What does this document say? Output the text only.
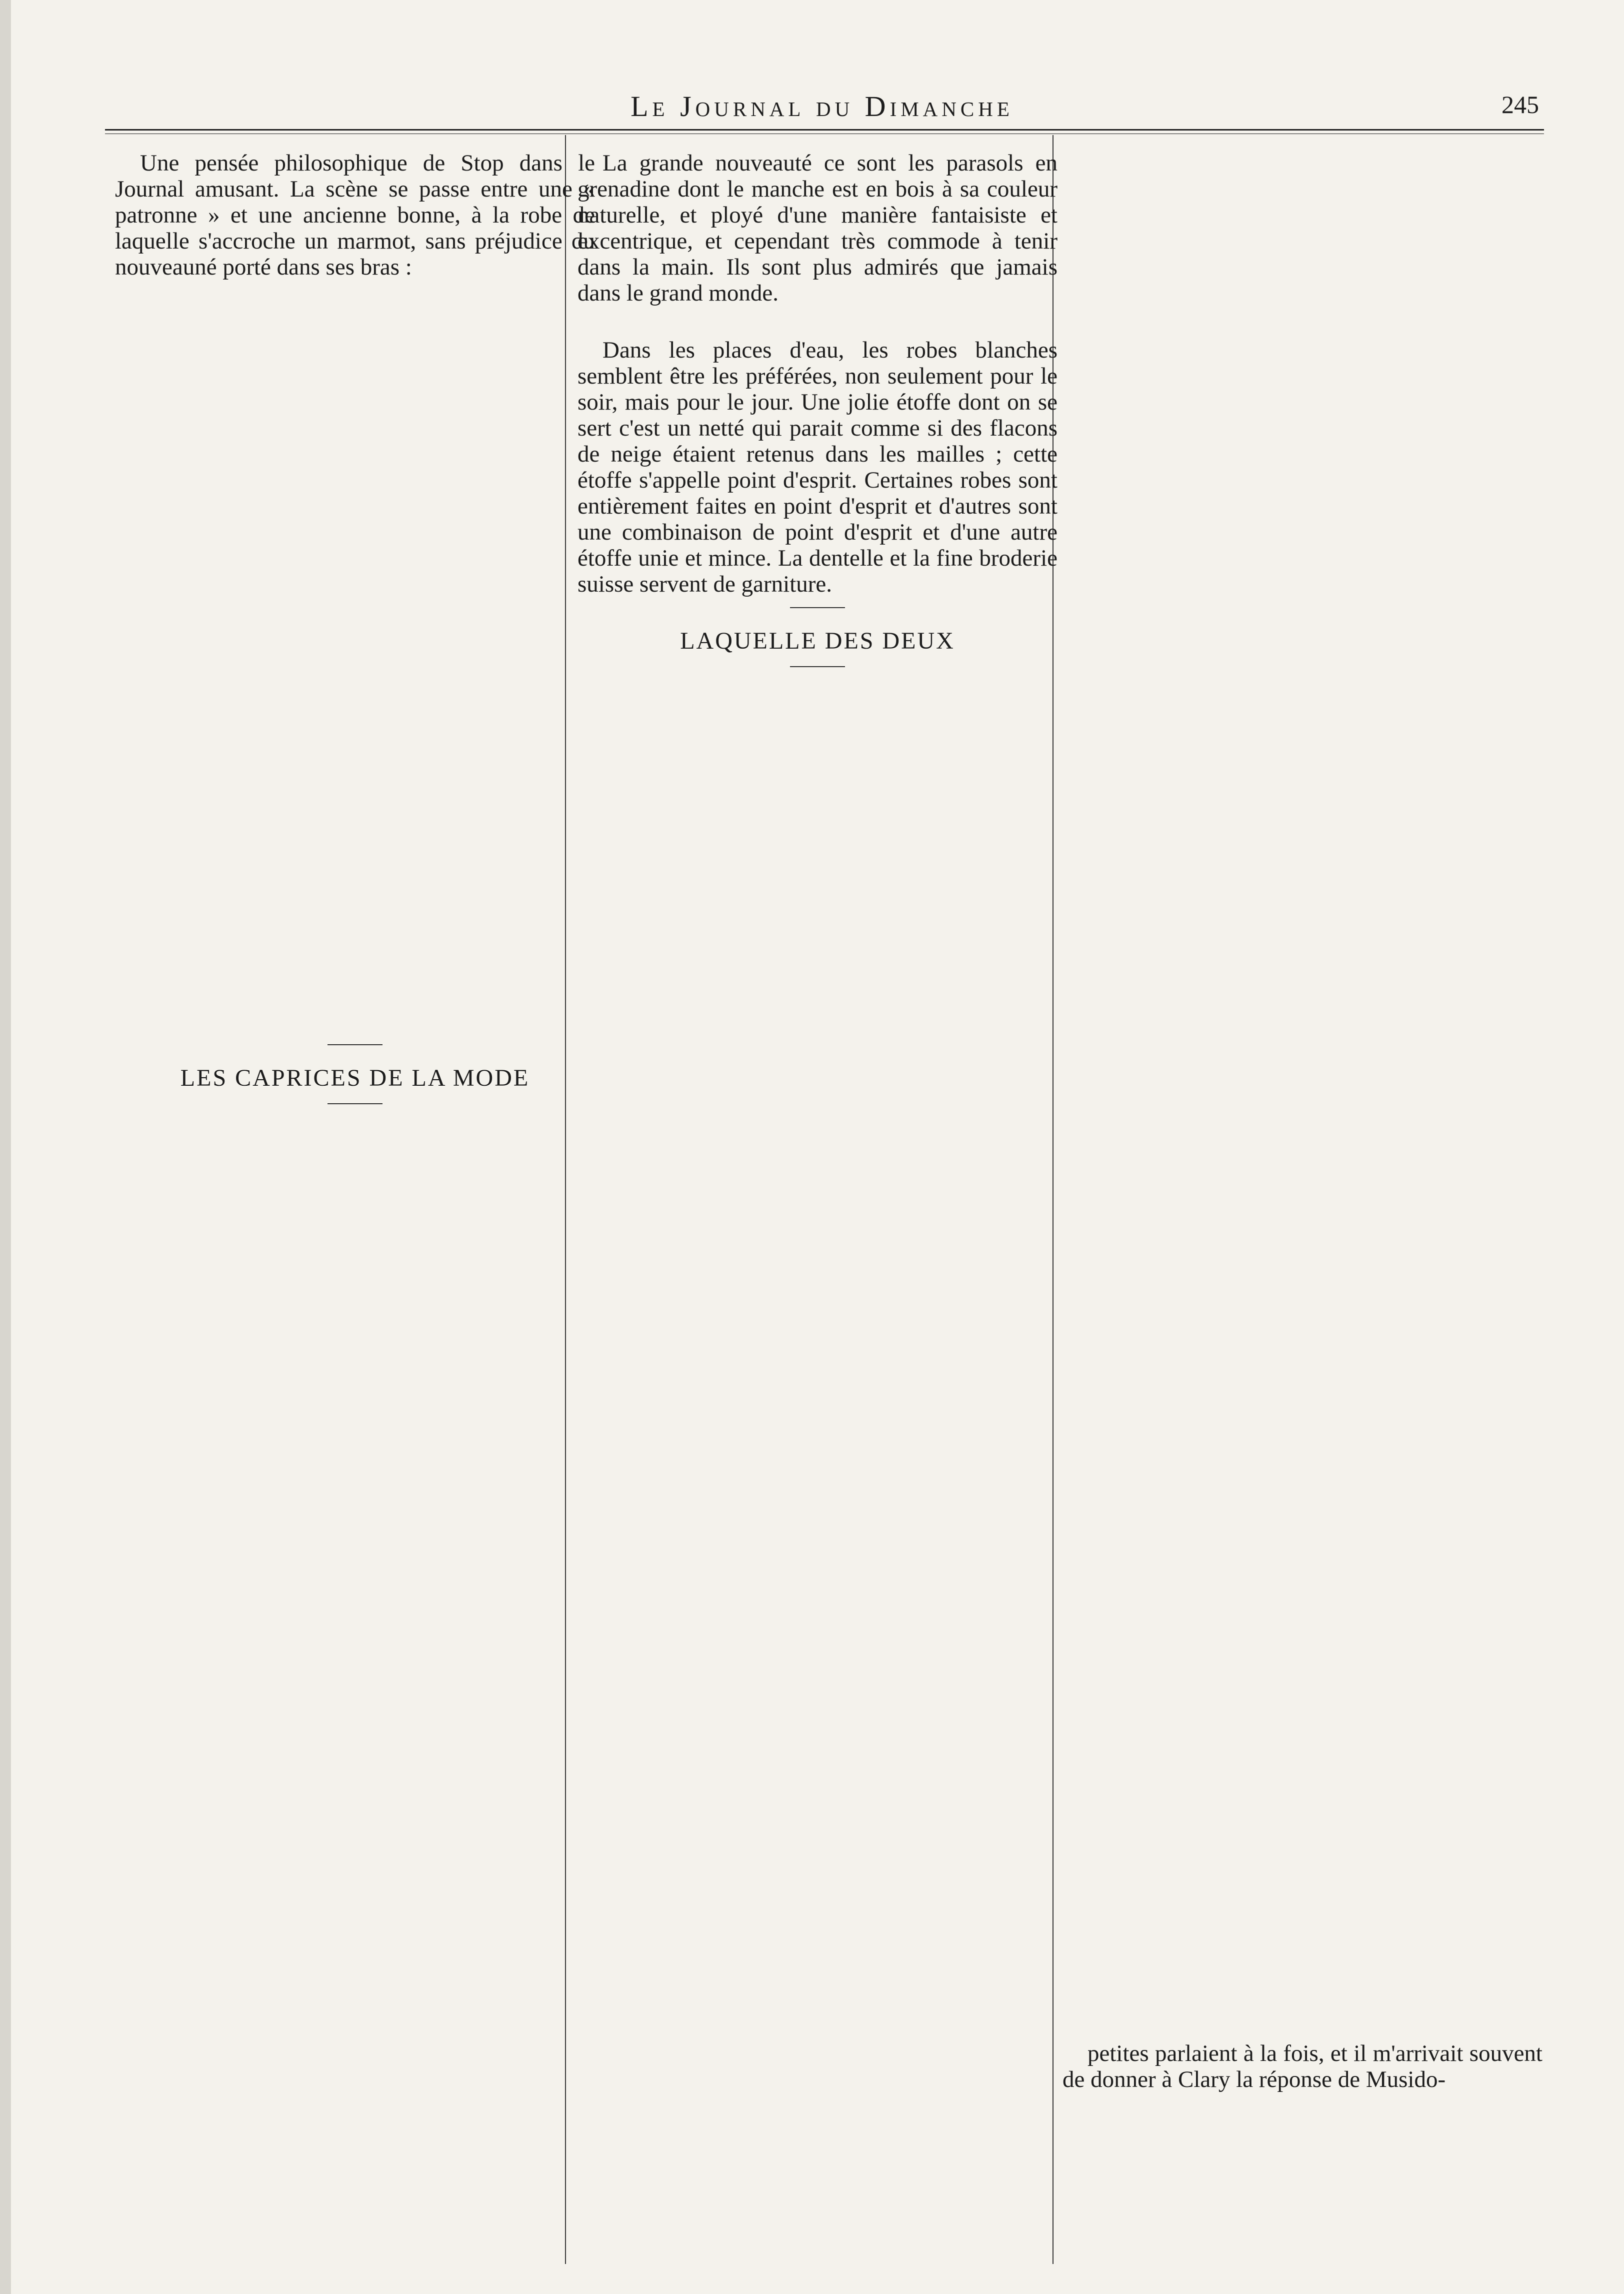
Le Journal du Dimanche	245

Une pensée philosophique de Stop dans le Journal amusant. La scène se passe entre une « patronne » et une ancienne bonne, à la robe de laquelle s'accroche un marmot, sans préjudice du nouveauné porté dans ses bras :

LES CAPRICES DE LA MODE

La grande nouveauté ce sont les parasols en grenadine dont le manche est en bois à sa couleur naturelle, et ployé d'une manière fantaisiste et excentrique, et cependant très commode à tenir dans la main. Ils sont plus admirés que jamais dans le grand monde.

Dans les places d'eau, les robes blanches semblent être les préférées, non seulement pour le soir, mais pour le jour. Une jolie étoffe dont on se sert c'est un netté qui parait comme si des flacons de neige étaient retenus dans les mailles ; cette étoffe s'appelle point d'esprit. Certaines robes sont entièrement faites en point d'esprit et d'autres sont une combinaison de point d'esprit et d'une autre étoffe unie et mince. La dentelle et la fine broderie suisse servent de garniture.

LAQUELLE DES DEUX

petites parlaient à la fois, et il m'arrivait souvent de donner à Clary la réponse de Musido-
